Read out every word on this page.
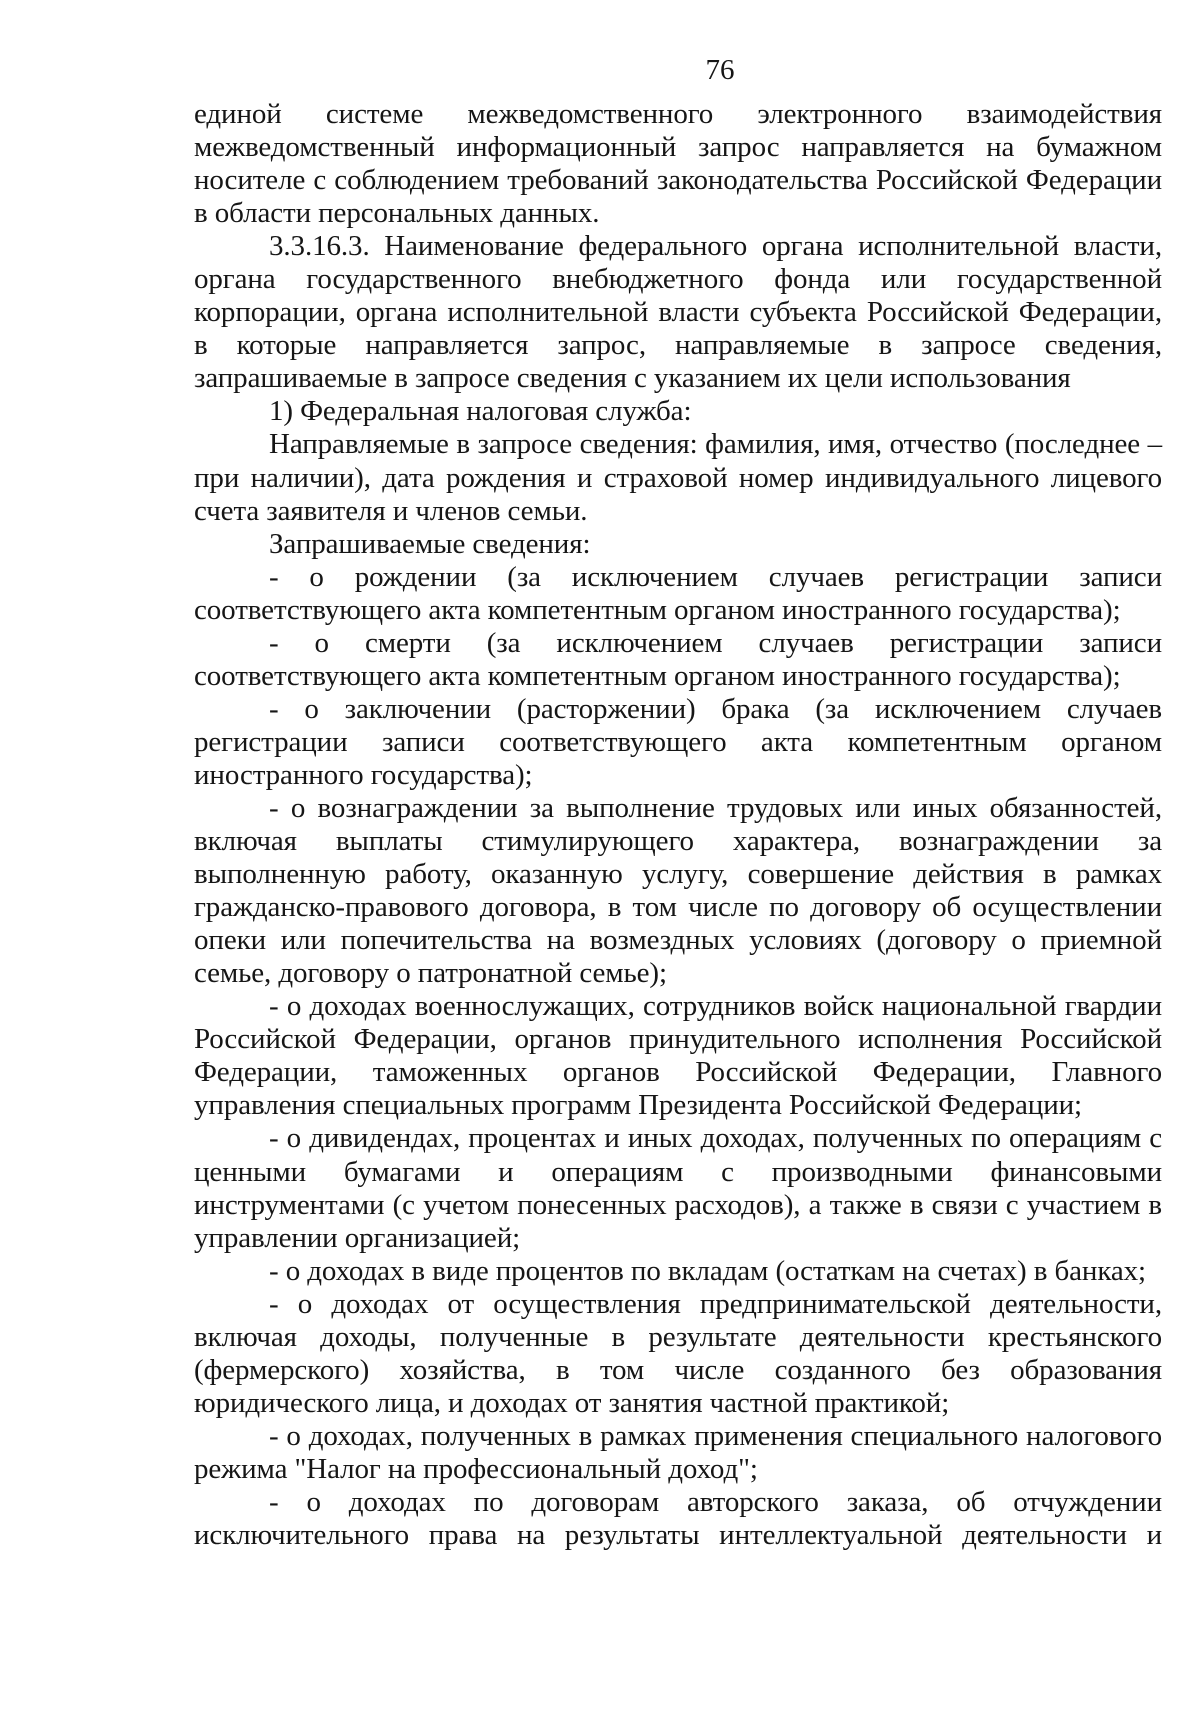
76

единой системе межведомственного электронного взаимодействия межведомственный информационный запрос направляется на бумажном носителе с соблюдением требований законодательства Российской Федерации в области персональных данных.

3.3.16.3. Наименование федерального органа исполнительной власти, органа государственного внебюджетного фонда или государственной корпорации, органа исполнительной власти субъекта Российской Федерации, в которые направляется запрос, направляемые в запросе сведения, запрашиваемые в запросе сведения с указанием их цели использования

1) Федеральная налоговая служба:

Направляемые в запросе сведения: фамилия, имя, отчество (последнее – при наличии), дата рождения и страховой номер индивидуального лицевого счета заявителя и членов семьи.

Запрашиваемые сведения:

- о рождении (за исключением случаев регистрации записи соответствующего акта компетентным органом иностранного государства);

- о смерти (за исключением случаев регистрации записи соответствующего акта компетентным органом иностранного государства);

- о заключении (расторжении) брака (за исключением случаев регистрации записи соответствующего акта компетентным органом иностранного государства);

- о вознаграждении за выполнение трудовых или иных обязанностей, включая выплаты стимулирующего характера, вознаграждении за выполненную работу, оказанную услугу, совершение действия в рамках гражданско-правового договора, в том числе по договору об осуществлении опеки или попечительства на возмездных условиях (договору о приемной семье, договору о патронатной семье);

- о доходах военнослужащих, сотрудников войск национальной гвардии Российской Федерации, органов принудительного исполнения Российской Федерации, таможенных органов Российской Федерации, Главного управления специальных программ Президента Российской Федерации;

- о дивидендах, процентах и иных доходах, полученных по операциям с ценными бумагами и операциям с производными финансовыми инструментами (с учетом понесенных расходов), а также в связи с участием в управлении организацией;

- о доходах в виде процентов по вкладам (остаткам на счетах) в банках;

- о доходах от осуществления предпринимательской деятельности, включая доходы, полученные в результате деятельности крестьянского (фермерского) хозяйства, в том числе созданного без образования юридического лица, и доходах от занятия частной практикой;

- о доходах, полученных в рамках применения специального налогового режима "Налог на профессиональный доход";

- о доходах по договорам авторского заказа, об отчуждении исключительного права на результаты интеллектуальной деятельности и
